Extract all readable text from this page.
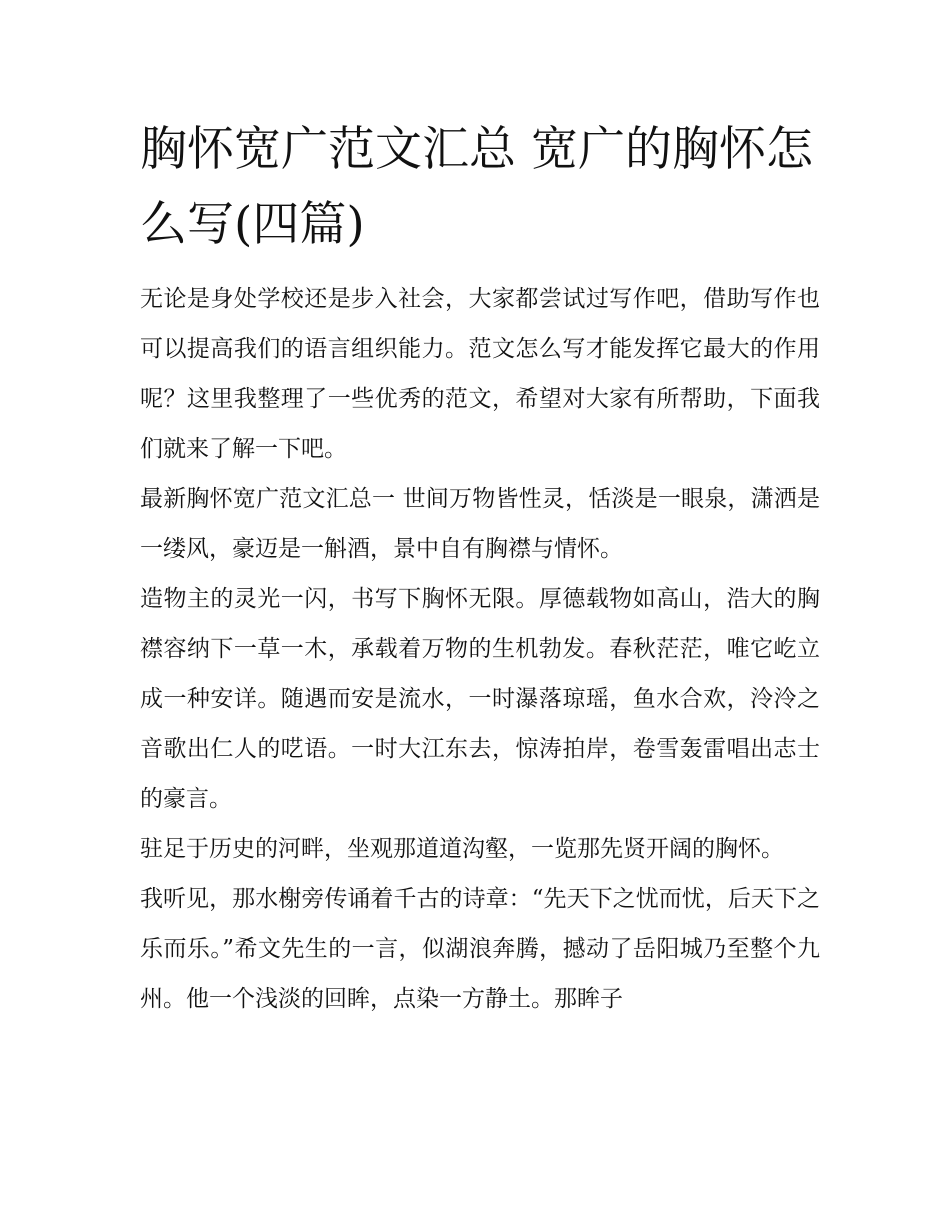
胸怀宽广范文汇总 宽广的胸怀怎么写(四篇)

无论是身处学校还是步入社会，大家都尝试过写作吧，借助写作也可以提高我们的语言组织能力。范文怎么写才能发挥它最大的作用呢？这里我整理了一些优秀的范文，希望对大家有所帮助，下面我们就来了解一下吧。

最新胸怀宽广范文汇总一 世间万物皆性灵，恬淡是一眼泉，潇洒是一缕风，豪迈是一斛酒，景中自有胸襟与情怀。

造物主的灵光一闪，书写下胸怀无限。厚德载物如高山，浩大的胸襟容纳下一草一木，承载着万物的生机勃发。春秋茫茫，唯它屹立成一种安详。随遇而安是流水，一时瀑落琼瑶，鱼水合欢，泠泠之音歌出仁人的呓语。一时大江东去，惊涛拍岸，卷雪轰雷唱出志士的豪言。

驻足于历史的河畔，坐观那道道沟壑，一览那先贤开阔的胸怀。

我听见，那水榭旁传诵着千古的诗章：“先天下之忧而忧，后天下之乐而乐。”希文先生的一言，似湖浪奔腾，撼动了岳阳城乃至整个九州。他一个浅淡的回眸，点染一方静土。那眸子
